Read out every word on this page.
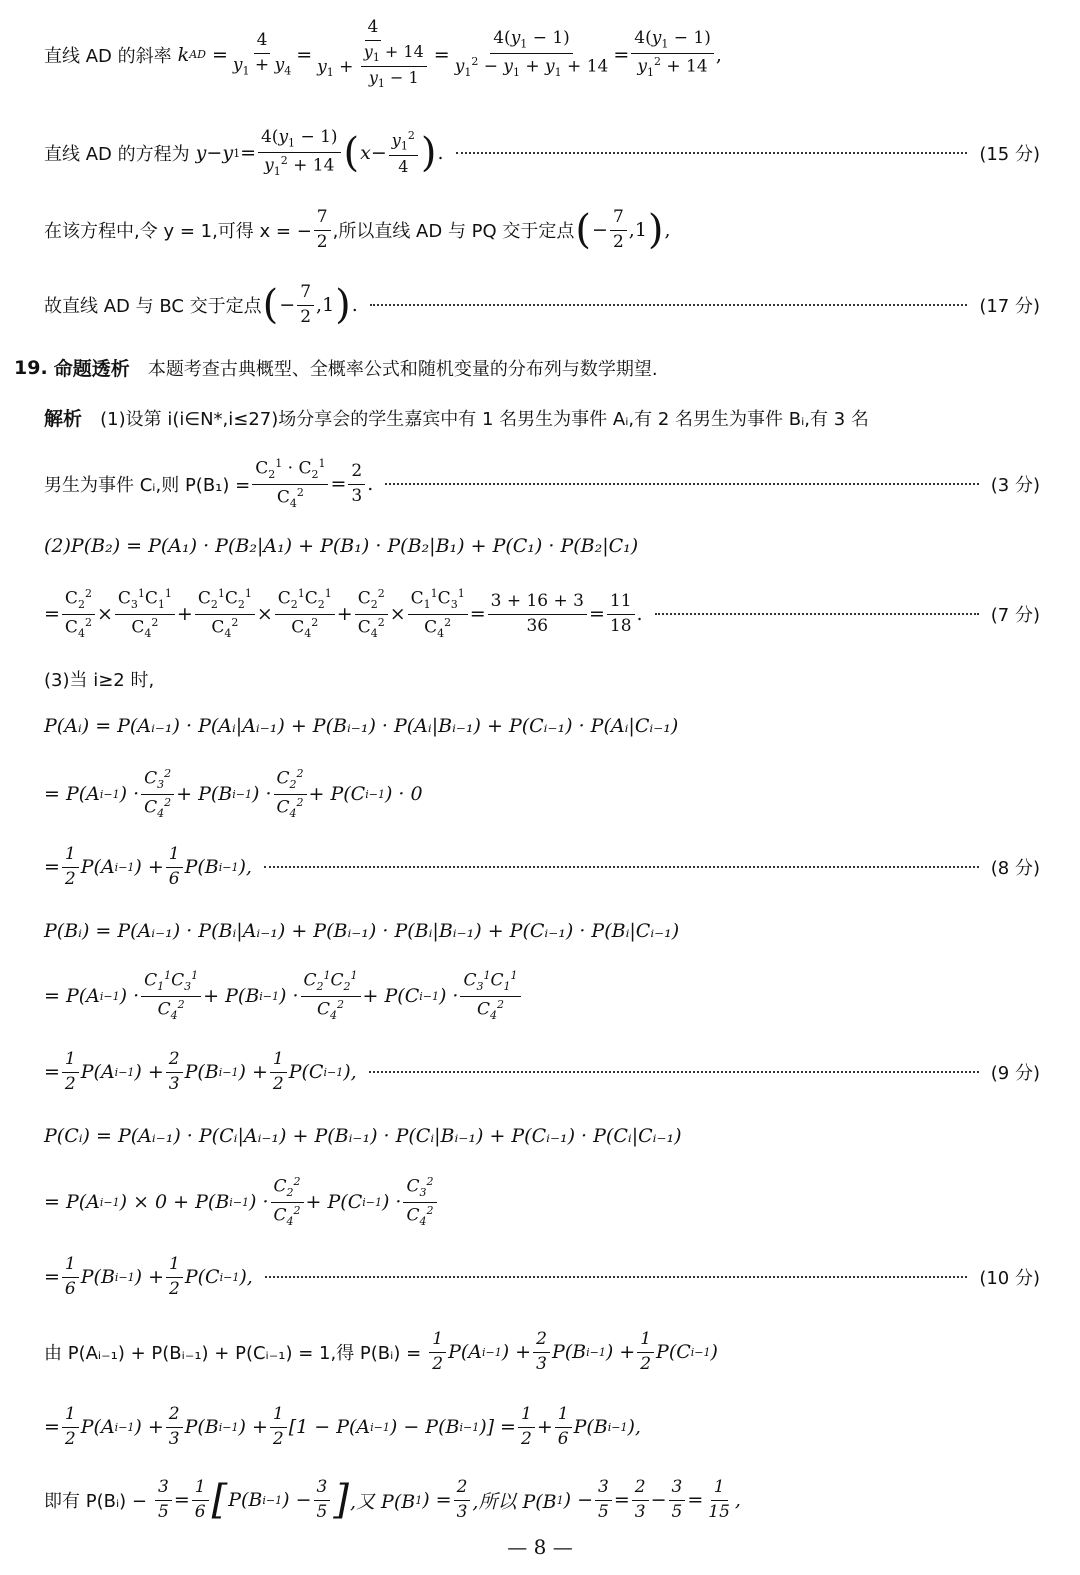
直线 AD 的斜率
k AD = $\frac{4}{y_1 + y_4} = \frac{4}{y_1 + \frac{y_1 + 14}{y_1 - 1}} = \frac{4(y_1 - 1)}{y_1^2 - y_1 + y_1 + 14} = \frac{4(y_1 - 1)}{y_1^2 + 14}$ ,
直线 AD 的方程为
y − y $1 = \frac{4(y_1 - 1)}{y_1^2 + 14}$ ( $x - \frac{y_1^2}{4}$ ) .	(15 分)
在该方程中,令 y = 1,可得 x = − $\frac{7}{2}$ ,所以直线 AD 与 PQ 交于定点 ( − $\frac{7}{2} ,1$ ) ,
故直线 AD 与 BC 交于定点 ( − $\frac{7}{2} ,1$ ) .	(17 分)
19.
命题透析
本题考查古典概型、全概率公式和随机变量的分布列与数学期望.
解析
(1)设第 i(i∈N*,i≤27)场分享会的学生嘉宾中有 1 名男生为事件 Aᵢ,有 2 名男生为事件 Bᵢ,有 3 名
男生为事件 Cᵢ,则 $P(B_1) = \frac{C_2^1 \cdot C_2^1}{C_4^2} = \frac{2}{3}$ .	(3 分)
(2)P(B₂) = P(A₁) · P(B₂|A₁) + P(B₁) · P(B₂|B₁) + P(C₁) · P(B₂|C₁)
= $\frac{C_2^2}{C_4^2} \times \frac{C_3^1C_1^1}{C_4^2} + \frac{C_2^1C_2^1}{C_4^2} \times \frac{C_2^1C_2^1}{C_4^2} + \frac{C_2^2}{C_4^2} \times \frac{C_1^1C_3^1}{C_4^2} = \frac{3 + 16 + 3}{36} = \frac{11}{18}$ .	(7 分)
(3)当 i≥2 时,
P(Aᵢ) = P(Aᵢ₋₁) · P(Aᵢ|Aᵢ₋₁) + P(Bᵢ₋₁) · P(Aᵢ|Bᵢ₋₁) + P(Cᵢ₋₁) · P(Aᵢ|Cᵢ₋₁)
= P(A i−1 ) · $\frac{C_3^2}{C_4^2} + P(B$ i−1 ) · $\frac{C_2^2}{C_4^2} + P(C$ i−1 ) · 0
= $\frac{1}{2} P(A$ i−1 ) + $\frac{1}{6} P(B$ i−1 ),	(8 分)
P(Bᵢ) = P(Aᵢ₋₁) · P(Bᵢ|Aᵢ₋₁) + P(Bᵢ₋₁) · P(Bᵢ|Bᵢ₋₁) + P(Cᵢ₋₁) · P(Bᵢ|Cᵢ₋₁)
= P(A i−1 ) · $\frac{C_1^1C_3^1}{C_4^2} + P(B$ i−1 ) · $\frac{C_2^1C_2^1}{C_4^2} + P(C$ i−1 ) · $\frac{C_3^1C_1^1}{C_4^2}$
= $\frac{1}{2} P(A$ i−1 ) + $\frac{2}{3} P(B$ i−1 ) + $\frac{1}{2} P(C$ i−1 ),	(9 分)
P(Cᵢ) = P(Aᵢ₋₁) · P(Cᵢ|Aᵢ₋₁) + P(Bᵢ₋₁) · P(Cᵢ|Bᵢ₋₁) + P(Cᵢ₋₁) · P(Cᵢ|Cᵢ₋₁)
= P(A i−1 ) × 0 + P(B i−1 ) · $\frac{C_2^2}{C_4^2} + P(C$ i−1 ) · $\frac{C_3^2}{C_4^2}$
= $\frac{1}{6} P(B$ i−1 ) + $\frac{1}{2} P(C$ i−1 ),	(10 分)
由 P(Aᵢ₋₁) + P(Bᵢ₋₁) + P(Cᵢ₋₁) = 1,得 P(Bᵢ) =
$\frac{1}{2} P(A$ i−1 ) + $\frac{2}{3} P(B$ i−1 ) + $\frac{1}{2} P(C$ i−1 )
= $\frac{1}{2} P(A$ i−1 ) + $\frac{2}{3} P(B$ i−1 ) + $\frac{1}{2} [1 - P(A$ i−1 ) − P(B i−1 )] = $\frac{1}{2} + \frac{1}{6} P(B$ i−1 ),
即有 P(Bᵢ) −
$\frac{3}{5} = \frac{1}{6}$ [ P(B i−1 ) − $\frac{3}{5}$ ] ,又 P(B 1 ) = $\frac{2}{3}$ ,所以 P(B 1 ) − $\frac{3}{5} = \frac{2}{3} - \frac{3}{5} = \frac{1}{15}$ ,
— 8 —
